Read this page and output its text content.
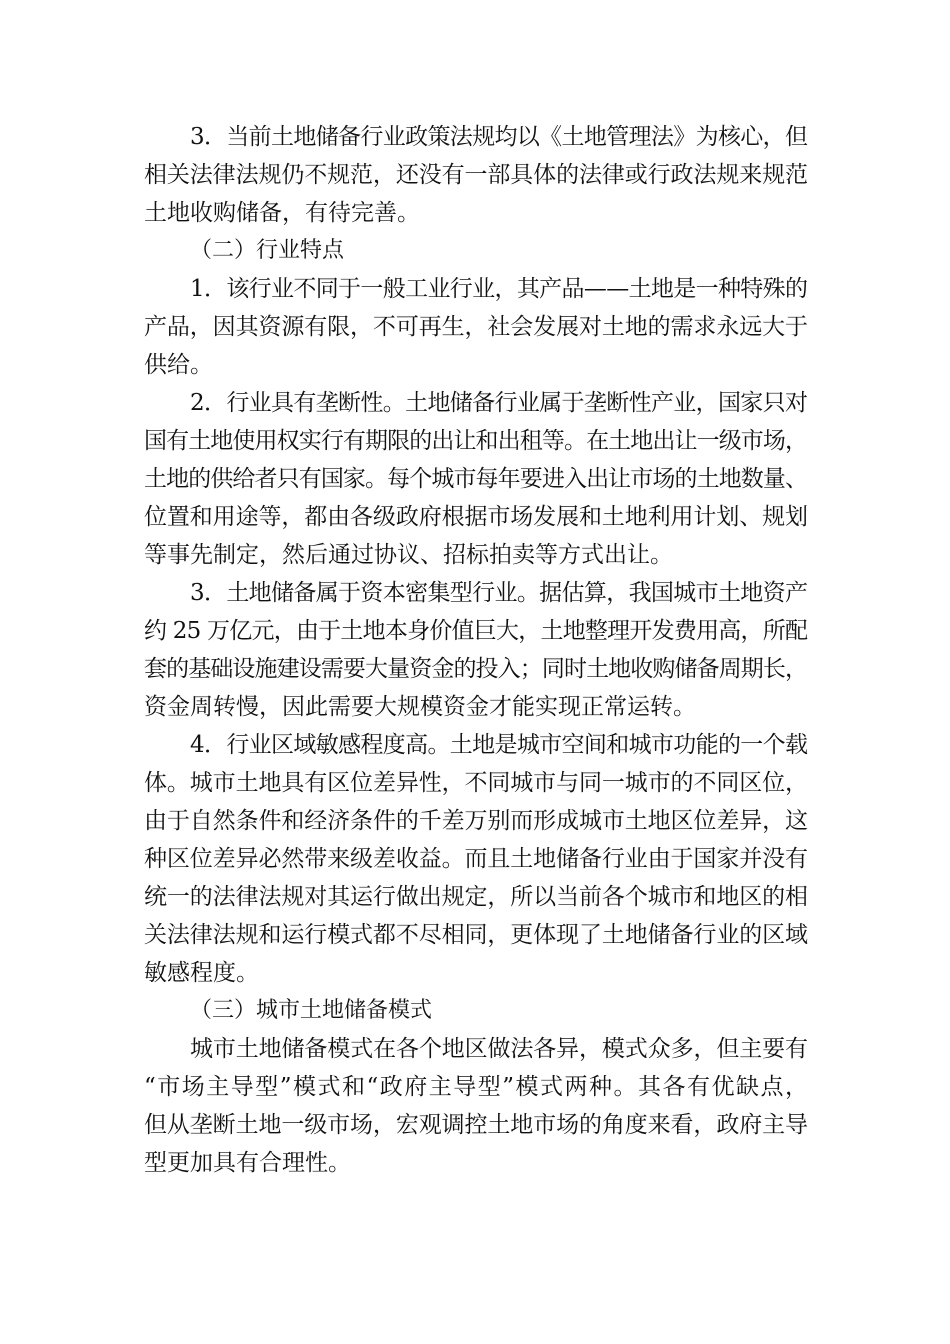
3．当前土地储备行业政策法规均以《土地管理法》为核心，但
相关法律法规仍不规范，还没有一部具体的法律或行政法规来规范
土地收购储备，有待完善。
（二）行业特点
1．该行业不同于一般工业行业，其产品——土地是一种特殊的
产品，因其资源有限，不可再生，社会发展对土地的需求永远大于
供给。
2．行业具有垄断性。土地储备行业属于垄断性产业，国家只对
国有土地使用权实行有期限的出让和出租等。在土地出让一级市场，
土地的供给者只有国家。每个城市每年要进入出让市场的土地数量、
位置和用途等，都由各级政府根据市场发展和土地利用计划、规划
等事先制定，然后通过协议、招标拍卖等方式出让。
3．土地储备属于资本密集型行业。据估算，我国城市土地资产
约 25 万亿元，由于土地本身价值巨大，土地整理开发费用高，所配
套的基础设施建设需要大量资金的投入；同时土地收购储备周期长，
资金周转慢，因此需要大规模资金才能实现正常运转。
4．行业区域敏感程度高。土地是城市空间和城市功能的一个载
体。城市土地具有区位差异性，不同城市与同一城市的不同区位，
由于自然条件和经济条件的千差万别而形成城市土地区位差异，这
种区位差异必然带来级差收益。而且土地储备行业由于国家并没有
统一的法律法规对其运行做出规定，所以当前各个城市和地区的相
关法律法规和运行模式都不尽相同，更体现了土地储备行业的区域
敏感程度。
（三）城市土地储备模式
城市土地储备模式在各个地区做法各异，模式众多，但主要有
“市场主导型”模式和“政府主导型”模式两种。其各有优缺点，
但从垄断土地一级市场，宏观调控土地市场的角度来看，政府主导
型更加具有合理性。
